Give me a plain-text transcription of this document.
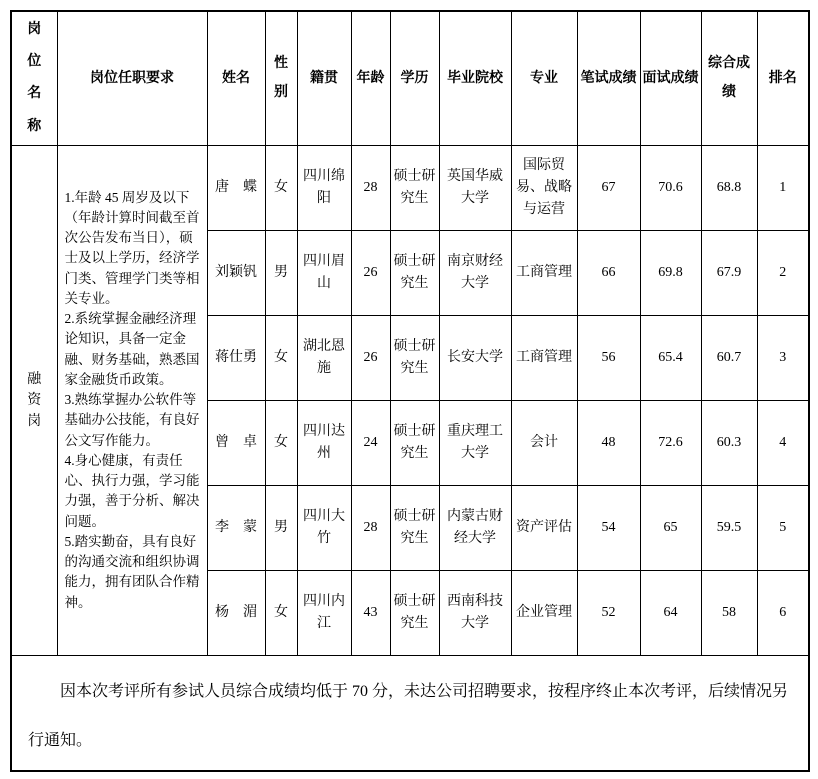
岗位名称	岗位任职要求	姓名	性别	籍贯	年龄	学历	毕业院校	专业	笔试成绩	面试成绩	综合成绩	排名

融资岗	1.年龄 45 周岁及以下（年龄计算时间截至首次公告发布当日），硕士及以上学历，经济学门类、管理学门类等相关专业。
2.系统掌握金融经济理论知识，具备一定金融、财务基础，熟悉国家金融货币政策。
3.熟练掌握办公软件等基础办公技能，有良好公文写作能力。
4.身心健康，有责任心、执行力强，学习能力强，善于分析、解决问题。
5.踏实勤奋，具有良好的沟通交流和组织协调能力，拥有团队合作精神。	唐　蝶	女	四川绵阳	28	硕士研究生	英国华威大学	国际贸易、战略与运营	67	70.6	68.8	1
		刘颖钒	男	四川眉山	26	硕士研究生	南京财经大学	工商管理	66	69.8	67.9	2
		蒋仕勇	女	湖北恩施	26	硕士研究生	长安大学	工商管理	56	65.4	60.7	3
		曾　卓	女	四川达州	24	硕士研究生	重庆理工大学	会计	48	72.6	60.3	4
		李　蒙	男	四川大竹	28	硕士研究生	内蒙古财经大学	资产评估	54	65	59.5	5
		杨　湄	女	四川内江	43	硕士研究生	西南科技大学	企业管理	52	64	58	6

因本次考评所有参试人员综合成绩均低于 70 分，未达公司招聘要求，按程序终止本次考评，后续情况另行通知。												
